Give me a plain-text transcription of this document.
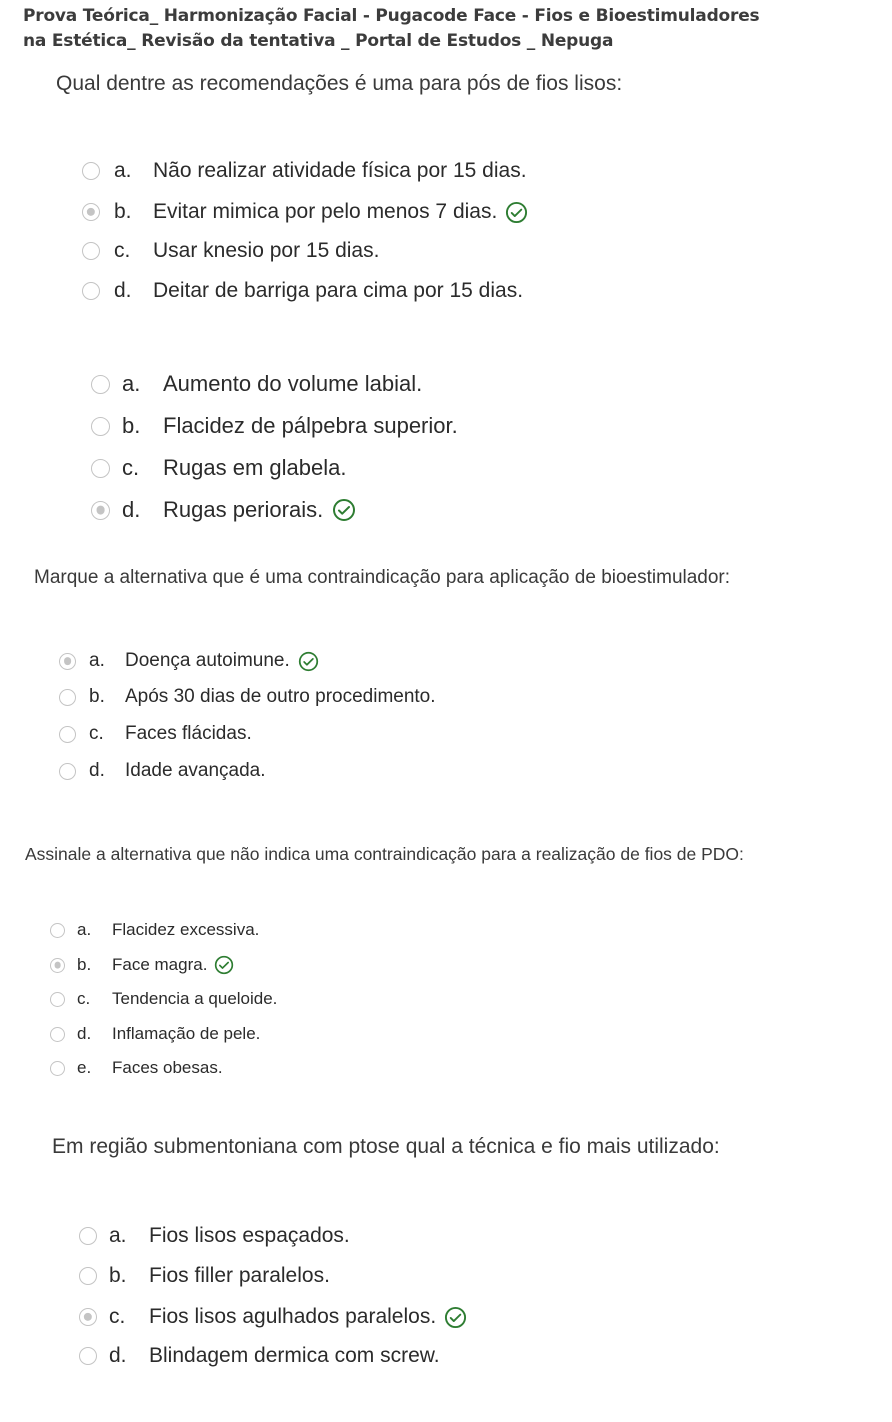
Prova Teórica_ Harmonização Facial - Pugacode Face - Fios e Bioestimuladores
na Estética_ Revisão da tentativa _ Portal de Estudos _ Nepuga
Qual dentre as recomendações é uma para pós de fios lisos:
a.	Não realizar atividade física por 15 dias.
b.	Evitar mimica por pelo menos 7 dias.
c.	Usar knesio por 15 dias.
d.	Deitar de barriga para cima por 15 dias.
a.	Aumento do volume labial.
b.	Flacidez de pálpebra superior.
c.	Rugas em glabela.
d.	Rugas periorais.
Marque a alternativa que é uma contraindicação para aplicação de bioestimulador:
a.	Doença autoimune.
b.	Após 30 dias de outro procedimento.
c.	Faces flácidas.
d.	Idade avançada.
Assinale a alternativa que não indica uma contraindicação para a realização de fios de PDO:
a.	Flacidez excessiva.
b.	Face magra.
c.	Tendencia a queloide.
d.	Inflamação de pele.
e.	Faces obesas.
Em região submentoniana com ptose qual a técnica e fio mais utilizado:
a.	Fios lisos espaçados.
b.	Fios filler paralelos.
c.	Fios lisos agulhados paralelos.
d.	Blindagem dermica com screw.
